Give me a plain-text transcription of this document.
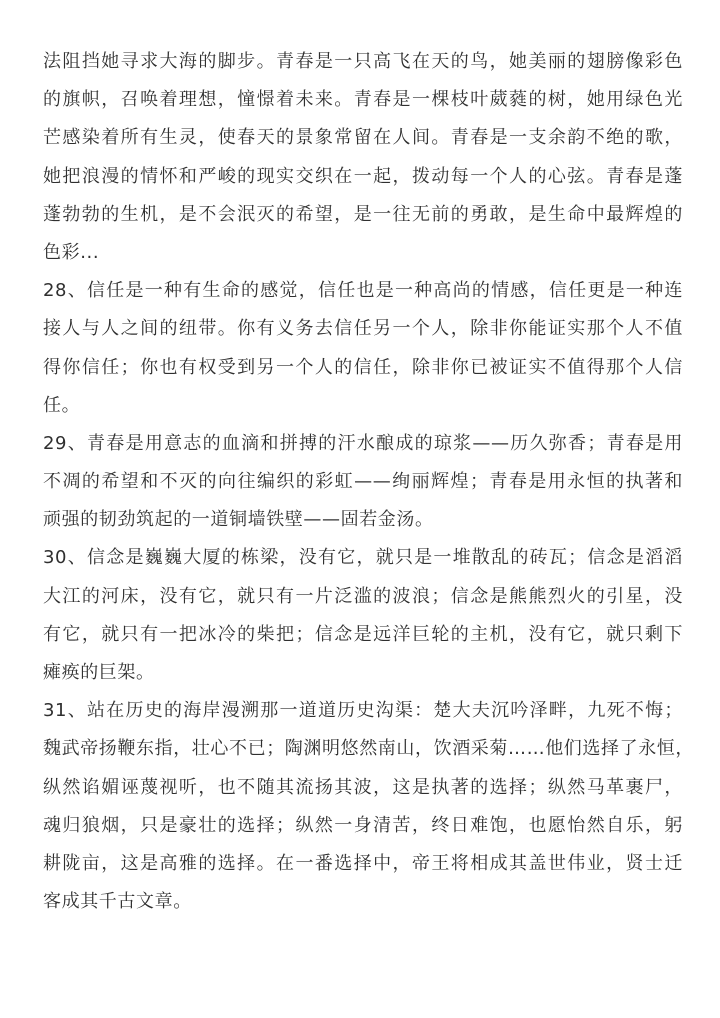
法阻挡她寻求大海的脚步。青春是一只高飞在天的鸟，她美丽的翅膀像彩色
的旗帜，召唤着理想，憧憬着未来。青春是一棵枝叶葳蕤的树，她用绿色光
芒感染着所有生灵，使春天的景象常留在人间。青春是一支余韵不绝的歌，
她把浪漫的情怀和严峻的现实交织在一起，拨动每一个人的心弦。青春是蓬
蓬勃勃的生机，是不会泯灭的希望，是一往无前的勇敢，是生命中最辉煌的
色彩...

28、信任是一种有生命的感觉，信任也是一种高尚的情感，信任更是一种连
接人与人之间的纽带。你有义务去信任另一个人，除非你能证实那个人不值
得你信任；你也有权受到另一个人的信任，除非你已被证实不值得那个人信
任。

29、青春是用意志的血滴和拼搏的汗水酿成的琼浆——历久弥香；青春是用
不凋的希望和不灭的向往编织的彩虹——绚丽辉煌；青春是用永恒的执著和
顽强的韧劲筑起的一道铜墙铁壁——固若金汤。

30、信念是巍巍大厦的栋梁，没有它，就只是一堆散乱的砖瓦；信念是滔滔
大江的河床，没有它，就只有一片泛滥的波浪；信念是熊熊烈火的引星，没
有它，就只有一把冰冷的柴把；信念是远洋巨轮的主机，没有它，就只剩下
瘫痪的巨架。

31、站在历史的海岸漫溯那一道道历史沟渠：楚大夫沉吟泽畔，九死不悔；
魏武帝扬鞭东指，壮心不已；陶渊明悠然南山，饮酒采菊……他们选择了永恒，
纵然谄媚诬蔑视听，也不随其流扬其波，这是执著的选择；纵然马革裹尸，
魂归狼烟，只是豪壮的选择；纵然一身清苦，终日难饱，也愿怡然自乐，躬
耕陇亩，这是高雅的选择。在一番选择中，帝王将相成其盖世伟业，贤士迁
客成其千古文章。
